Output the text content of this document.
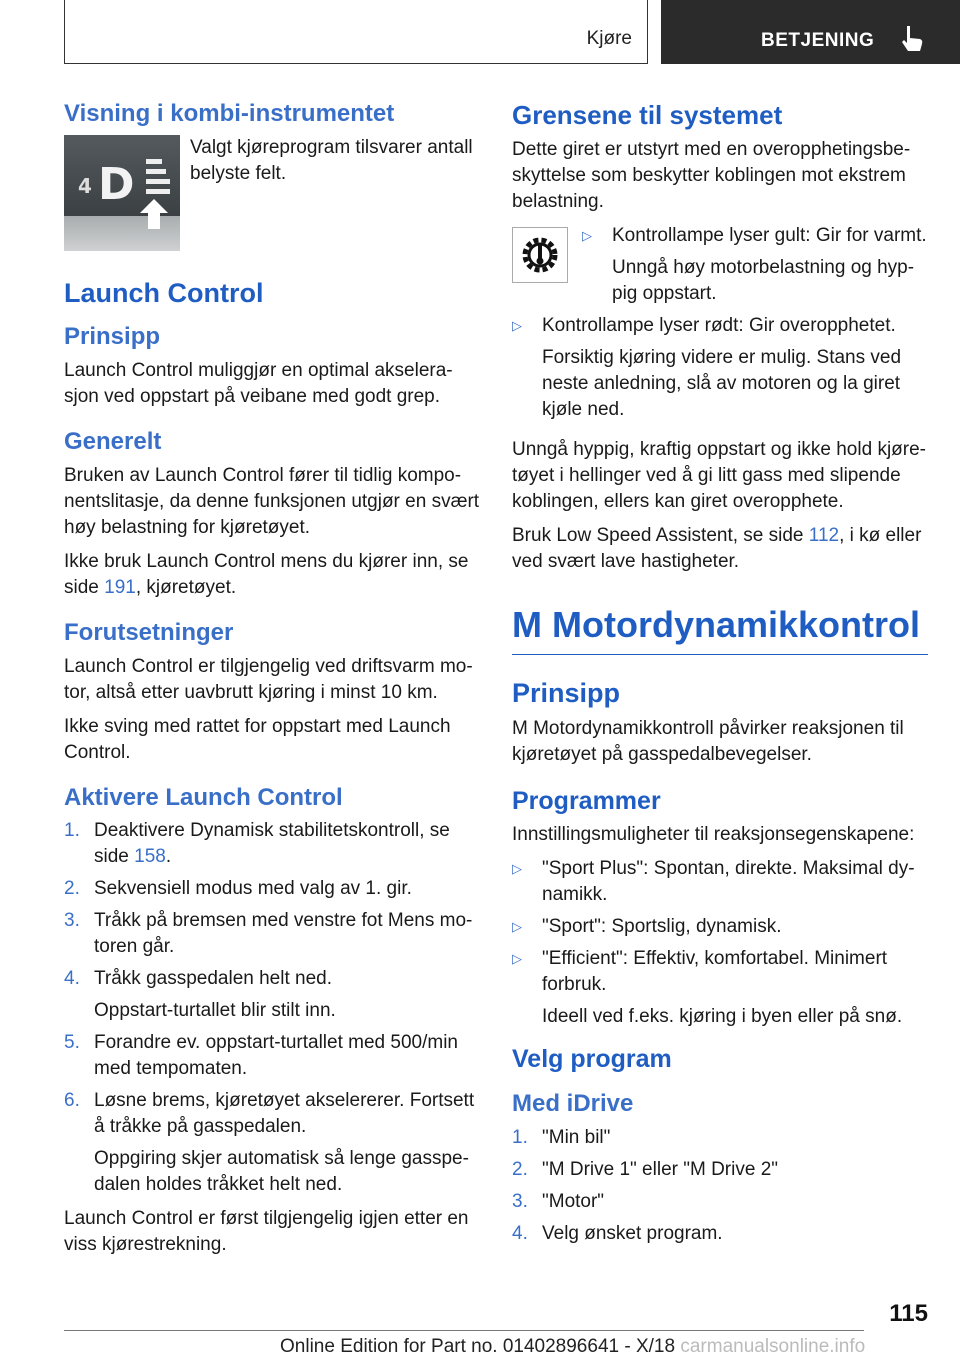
Kjøre	BETJENING
Visning i kombi-instrumentet
4 D

Valgt kjøreprogram tilsvarer antall belyste felt.

Launch Control
Prinsipp

Launch Control muliggjør en optimal akselera-sjon ved oppstart på veibane med godt grep.

Generelt

Bruken av Launch Control fører til tidlig kompo-nentslitasje, da denne funksjonen utgjør en svært høy belastning for kjøretøyet.

Ikke bruk Launch Control mens du kjører inn, se side 191, kjøretøyet.

Forutsetninger

Launch Control er tilgjengelig ved driftsvarm mo-tor, altså etter uavbrutt kjøring i minst 10 km.

Ikke sving med rattet for oppstart med Launch Control.

Aktivere Launch Control
1. Deaktivere Dynamisk stabilitetskontroll, se side 158.
2. Sekvensiell modus med valg av 1. gir.
3. Tråkk på bremsen med venstre fot Mens mo-toren går.
4. Tråkk gasspedalen helt ned.

Oppstart-turtallet blir stilt inn.

5. Forandre ev. oppstart-turtallet med 500/min med tempomaten.
6. Løsne brems, kjøretøyet akselererer. Fortsett å tråkke på gasspedalen.

Oppgiring skjer automatisk så lenge gasspe-dalen holdes tråkket helt ned.

Launch Control er først tilgjengelig igjen etter en viss kjørestrekning.

Grensene til systemet

Dette giret er utstyrt med en overopphetingsbe-skyttelse som beskytter koblingen mot ekstrem belastning.

▷ Kontrollampe lyser gult: Gir for varmt.

Unngå høy motorbelastning og hyp-pig oppstart.

▷ Kontrollampe lyser rødt: Gir overopphetet.

Forsiktig kjøring videre er mulig. Stans ved neste anledning, slå av motoren og la giret kjøle ned.

Unngå hyppig, kraftig oppstart og ikke hold kjøre-tøyet i hellinger ved å gi litt gass med slipende koblingen, ellers kan giret overopphete.

Bruk Low Speed Assistent, se side 112, i kø eller ved svært lave hastigheter.

M Motordynamikkontrol
Prinsipp

M Motordynamikkontroll påvirker reaksjonen til kjøretøyet på gasspedalbevegelser.

Programmer

Innstillingsmuligheter til reaksjonsegenskapene:

▷ "Sport Plus": Spontan, direkte. Maksimal dy-namikk.
▷ "Sport": Sportslig, dynamisk.
▷ "Efficient": Effektiv, komfortabel. Minimert forbruk.

Ideell ved f.eks. kjøring i byen eller på snø.

Velg program
Med iDrive
1. "Min bil"
2. "M Drive 1" eller "M Drive 2"
3. "Motor"
4. Velg ønsket program.
115
Online Edition for Part no. 01402896641 - X/18 carmanualsonline.info
